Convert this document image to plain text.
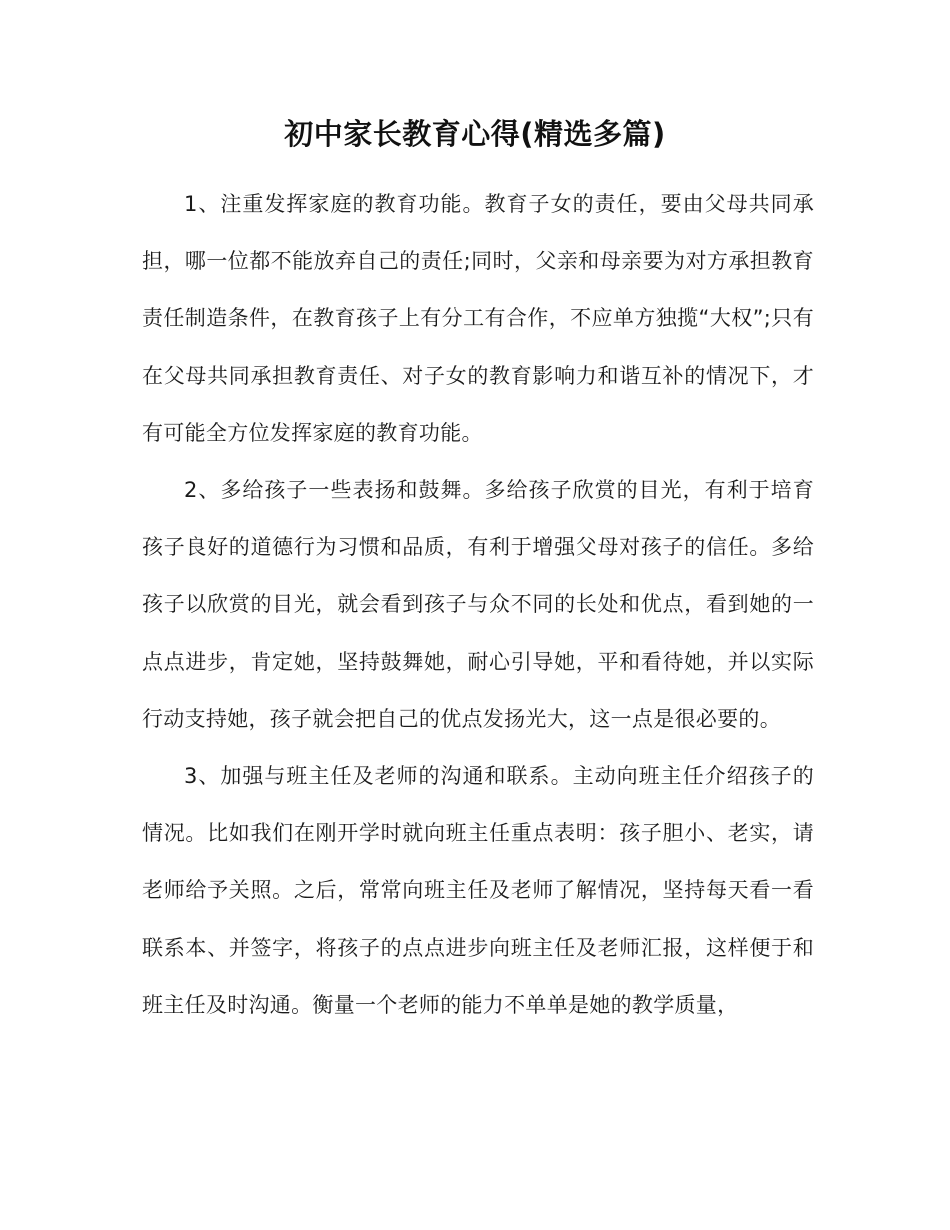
初中家长教育心得(精选多篇)

1、注重发挥家庭的教育功能。教育子女的责任，要由父母共同承担，哪一位都不能放弃自己的责任;同时，父亲和母亲要为对方承担教育责任制造条件，在教育孩子上有分工有合作，不应单方独揽“大权”;只有在父母共同承担教育责任、对子女的教育影响力和谐互补的情况下，才有可能全方位发挥家庭的教育功能。

2、多给孩子一些表扬和鼓舞。多给孩子欣赏的目光，有利于培育孩子良好的道德行为习惯和品质，有利于增强父母对孩子的信任。多给孩子以欣赏的目光，就会看到孩子与众不同的长处和优点，看到她的一点点进步，肯定她，坚持鼓舞她，耐心引导她，平和看待她，并以实际行动支持她，孩子就会把自己的优点发扬光大，这一点是很必要的。

3、加强与班主任及老师的沟通和联系。主动向班主任介绍孩子的情况。比如我们在刚开学时就向班主任重点表明：孩子胆小、老实，请老师给予关照。之后，常常向班主任及老师了解情况，坚持每天看一看联系本、并签字，将孩子的点点进步向班主任及老师汇报，这样便于和班主任及时沟通。衡量一个老师的能力不单单是她的教学质量，
